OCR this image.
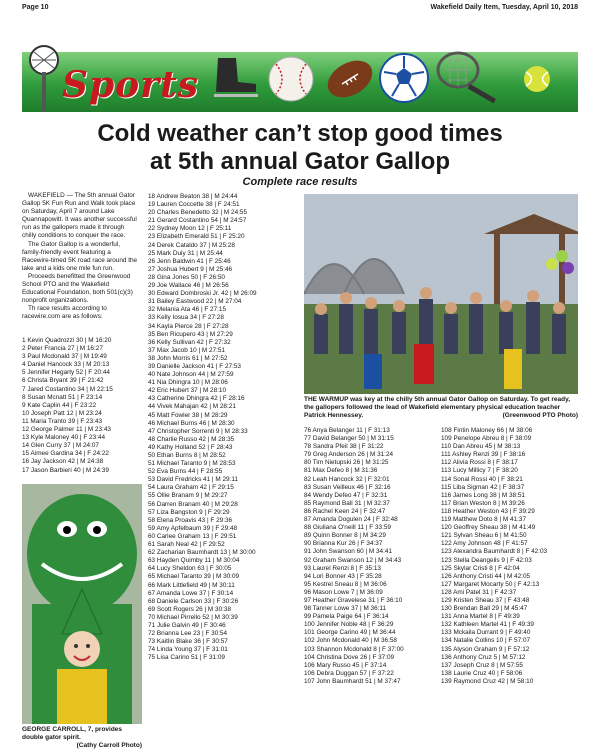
Page 10	Wakefield Daily Item, Tuesday, April 10, 2018
Sports
Cold weather can’t stop good times
at 5th annual Gator Gallop
Complete race results

WAKEFIELD — The 5th annual Gator Gallop 5K Fun Run and Walk took place on Saturday, April 7 around Lake Quannapowitt. It was another successful run as the gallopers made it through chilly conditions to conquer the race.

The Gator Gallop is a wonderful, family-friendly event featuring a Racewire-timed 5K road race around the lake and a kids one mile fun run.

Proceeds benefitted the Greenwood School PTO and the Wakefield Educational Foundation, both 501(c)(3) nonprofit organizations.

Th race results according to racewire.com are as follows:

1 Kevin Quadrozzi 30 | M 16:20
2 Peter Francia 27 | M 16:27
3 Paul Mcdonald 37 | M 19:49
4 Daniel Hancock 33 | M 20:13
5 Jennifer Hegarty 52 | F 20:44
6 Christa Bryant 39 | F 21:42
7 Jared Costantino 34 | M 22:15
8 Susan Mcnatt 51 | F 23:14
9 Kate Caplin 44 | F 23:22
10 Joseph Patt 12 | M 23:24
11 Maria Tranto 39 | F 23:43
12 George Palmer 11 | M 23:43
13 Kyle Maloney 40 | F 23:44
14 Glen Curry 37 | M 24:07
15 Aimee Gardina 34 | F 24:22
16 Jay Jackson 42 | M 24:38
17 Jason Barbieri 40 | M 24:39
18 Andrew Beaton 38 | M 24:44
19 Lauren Coccette 38 | F 24:51
20 Charles Benedetto 32 | M 24:55
21 Gerard Costantino 54 | M 24:57
22 Sydney Moon 12 | F 25:11
23 Elizabeth Emerald 51 | F 25:20
24 Derek Cataldo 37 | M 25:28
25 Mark Duiy 31 | M 25:44
26 Jenn Baldwin 41 | F 25:46
27 Joshua Hubert 9 | M 25:46
28 Gina Jones 50 | F 26:50
29 Joe Wallace 46 | M 26:56
30 Edward Dombroski Jr. 42 | M 26:09
31 Bailey Eastwood 22 | M 27:04
32 Melania Ata 46 | F 27:15
33 Kelly Iosua 34 | F 27:28
34 Kayla Pierce 28 | F 27:28
35 Ben Ricupero 43 | M 27:29
36 Kelly Sullivan 42 | F 27:32
37 Max Jacob 10 | M 27:51
38 John Morris 61 | M 27:52
39 Danielle Jackson 41 | F 27:53
40 Nate Johnson 44 | M 27:59
41 Nia Dhingra 10 | M 28:06
42 Eric Hubert 37 | M 28:10
43 Catherine Dhingra 42 | F 28:16
44 Vivek Mahajan 42 | M 28:21
45 Matt Fowler 38 | M 28:29
46 Michael Burns 46 | M 28:30
47 Christopher Sorrenti 9 | M 28:33
48 Charlie Russo 42 | M 28:35
49 Kathy Holland 52 | F 28:43
50 Ethan Burns 8 | M 28:52
51 Michael Taranto 9 | M 28:53
52 Eva Burns 44 | F 28:55
53 David Fredricks 41 | M 29:11
54 Laura Graham 42 | F 29:15
55 Ollie Branam 9 | M 29:27
56 Darren Branam 40 | M 29:28
57 Liza Bangston 9 | F 29:29
58 Elena Proavis 43 | F 29:36
59 Amy Apfelbaum 39 | F 29:48
60 Carlee Graham 13 | F 29:51
61 Sarah Neal 42 | F 29:52
62 Zacharian Baumhardt 13 | M 30:00
63 Hayden Quimby 11 | M 30:04
64 Lucy Sheldon 63 | F 30:05
65 Michael Taranto 39 | M 30:09
66 Mark Littlefield 49 | M 30:11
67 Amanda Lowe 37 | F 30:14
68 Daniele Carlson 33 | F 30:26
69 Scott Rogers 26 | M 30:38
70 Michael Pirrello 52 | M 30:39
71 Julie Galvin 49 | F 30:46
72 Brianna Lee 23 | F 30:54
73 Kaitlin Blake 36 | F 30:57
74 Linda Young 37 | F 31:01
75 Lisa Carino 51 | F 31:09
76 Anya Belanger 11 | F 31:13
77 David Belanger 50 | M 31:15
78 Sandra Pfeil 38 | F 31:22
79 Greg Anderson 26 | M 31:24
80 Tim Nietupski 26 | M 31:25
81 Max Defeo 8 | M 31:36
82 Leah Hancock 32 | F 32:01
83 Susan Veilleux 46 | F 32:16
84 Wendy Defeo 47 | F 32:31
85 Raymond Ball 31 | M 32:37
86 Rachel Keen 24 | F 32:47
87 Amanda Dogulen 24 | F 32:48
88 Giuliana O'neill 11 | F 33:59
89 Quinn Bonner 8 | M 34:29
90 Brianna Kur 26 | F 34:37
91 John Swanson 60 | M 34:41
92 Graham Swanson 12 | M 34:43
93 Laurel Renzi 8 | F 35:13
94 Lori Bonner 43 | F 35:28
95 Kestrel Sneau 8 | M 36:06
96 Mason Lowe 7 | M 36:09
97 Heather Gravelese 31 | F 36:10
98 Tanner Lowe 37 | M 36:11
99 Pamela Paige 64 | F 36:14
100 Jennifer Noble 48 | F 36:29
101 George Carino 49 | M 36:44
102 John Mcdonald 40 | M 36:58
103 Shannon Mcdonald 8 | F 37:00
104 Christina Dove 26 | F 37:09
106 Mary Russo 45 | F 37:14
106 Debra Duggan 57 | F 37:22
107 John Baumhardt 51 | M 37:47
108 Fintin Maloney 66 | M 38:06
109 Penelope Abreu 8 | F 38:09
110 Dan Abreu 45 | M 38:13
111 Ashley Renzi 39 | F 38:16
112 Alivia Rossi 8 | F 38:17
113 Lucy Millicy 7 | F 38:20
114 Sonal Rossi 40 | F 38:21
115 Liba Sigman 42 | F 38:37
116 James Long 38 | M 38:51
117 Brian Weston 8 | M 39:26
118 Heather Weston 43 | F 39:29
119 Matthew Doto 8 | M 41:37
120 Geoffrey Sheau 38 | M 41:49
121 Sylvan Sheau 6 | M 41:50
122 Amy Johnson 48 | F 41:57
123 Alexandra Baumhardt 8 | F 42:03
123 Stella Deangelis 9 | F 42:03
125 Skylar Cristi 8 | F 42:04
126 Anthony Cristi 44 | M 42:05
127 Margaret Mocarty 50 | F 42:13
128 Ami Patel 31 | F 42:37
129 Kristen Sheau 37 | F 43:48
130 Brendan Ball 29 | M 45:47
131 Anna Martel 8 | F 49:39
132 Kathleen Martel 41 | F 49:39
133 Mckaila Durrant 9 | F 49:40
134 Natalie Collins 10 | F 57:07
135 Alyson Graham 9 | F 57:12
136 Anthony Cruz 5 | M 57:12
137 Joseph Cruz 8 | M 57:55
138 Laurie Cruz 40 | F 58:06
139 Raymond Cruz 42 | M 58:10
THE WARMUP was key at the chilly 5th annual Gator Gallop on Saturday. To get ready, the gallopers followed the lead of Wakefield elementary physical education teacher Patrick Hennessey.	(Greenwood PTO Photo)
GEORGE CARROLL, 7, provides double gator spirit.
(Cathy Carroll Photo)
